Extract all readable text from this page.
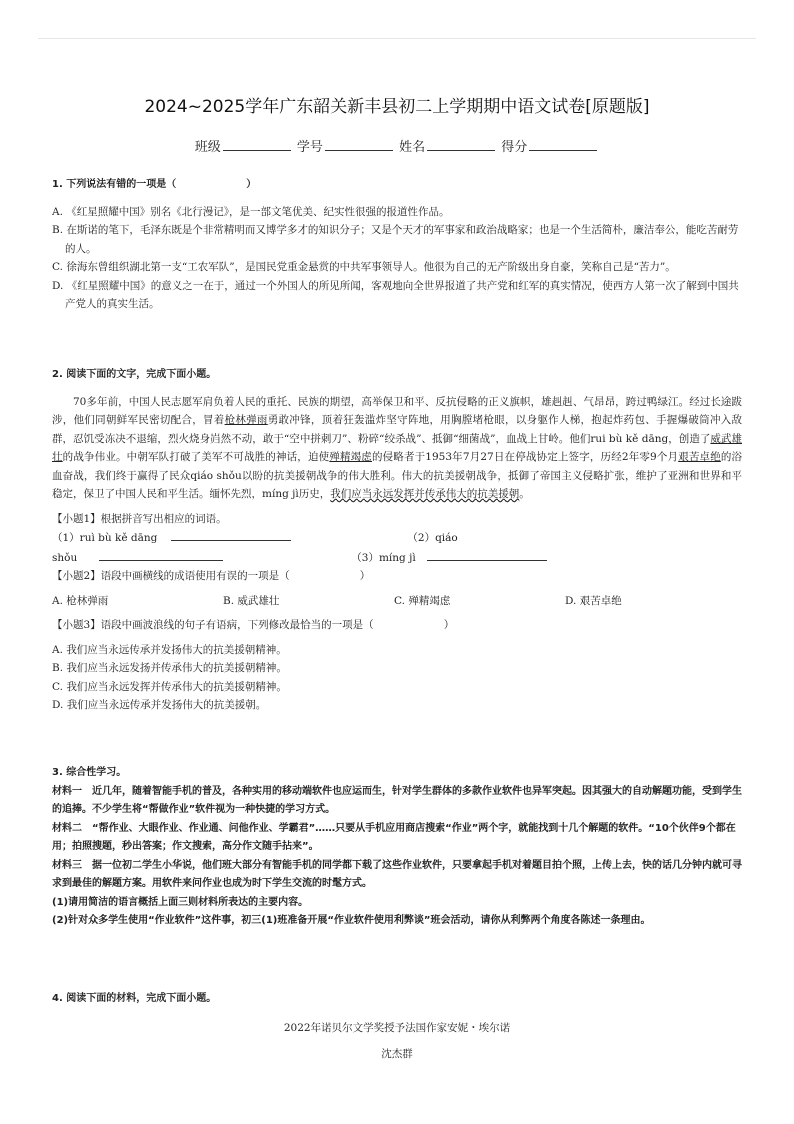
2024~2025学年广东韶关新丰县初二上学期期中语文试卷[原题版]
班级	学号	姓名	得分
1. 下列说法有错的一项是（	）
A. 《红星照耀中国》别名《北行漫记》，是一部文笔优美、纪实性很强的报道性作品。
B. 在斯诺的笔下，毛泽东既是个非常精明而又博学多才的知识分子；又是个天才的军事家和政治战略家；也是一个生活简朴，廉洁奉公，能吃苦耐劳的人。
C. 徐海东曾组织湖北第一支“工农军队”，是国民党重金悬赏的中共军事领导人。他很为自己的无产阶级出身自豪，笑称自己是“苦力”。
D. 《红星照耀中国》的意义之一在于，通过一个外国人的所见所闻，客观地向全世界报道了共产党和红军的真实情况，使西方人第一次了解到中国共产党人的真实生活。
2. 阅读下面的文字，完成下面小题。
70多年前，中国人民志愿军肩负着人民的重托、民族的期望，高举保卫和平、反抗侵略的正义旗帜，雄赳赳、气昂昂，跨过鸭绿江。经过长途跋涉，他们同朝鲜军民密切配合，冒着枪林弹雨勇敢冲锋，顶着狂轰滥炸坚守阵地，用胸膛堵枪眼，以身躯作人梯，抱起炸药包、手握爆破筒冲入敌群，忍饥受冻决不退缩，烈火烧身岿然不动，敢于“空中拼刺刀”、粉碎“绞杀战”、抵御“细菌战”，血战上甘岭。他们rui bù kě dāng，创造了威武雄壮的战争伟业。中朝军队打破了美军不可战胜的神话，迫使殚精竭虑的侵略者于1953年7月27日在停战协定上签字，历经2年零9个月艰苦卓绝的浴血奋战，我们终于赢得了民众qiáo shǒu以盼的抗美援朝战争的伟大胜利。伟大的抗美援朝战争，抵御了帝国主义侵略扩张，维护了亚洲和世界和平稳定，保卫了中国人民和平生活。缅怀先烈，míng jì历史，我们应当永远发挥并传承伟大的抗美援朝。
【小题1】根据拼音写出相应的词语。
（1）ruì bù kě dāng	（2）qiáo
shǒu	（3）míng jì
【小题2】语段中画横线的成语使用有误的一项是（	）
A. 枪林弹雨	B. 威武雄壮	C. 殚精竭虑	D. 艰苦卓绝
【小题3】语段中画波浪线的句子有语病，下列修改最恰当的一项是（	）
A. 我们应当永远传承并发扬伟大的抗美援朝精神。
B. 我们应当永远发扬并传承伟大的抗美援朝精神。
C. 我们应当永远发挥并传承伟大的抗美援朝精神。
D. 我们应当永远传承并发扬伟大的抗美援朝。
3. 综合性学习。
材料一　近几年，随着智能手机的普及，各种实用的移动端软件也应运而生，针对学生群体的多款作业软件也异军突起。因其强大的自动解题功能，受到学生的追捧。不少学生将“帮做作业”软件视为一种快捷的学习方式。
材料二　“帮作业、大眼作业、作业通、问他作业、学霸君”……只要从手机应用商店搜索“作业”两个字，就能找到十几个解题的软件。“10个伙伴9个都在用；拍照搜题，秒出答案；作文搜索，高分作文随手拈来”。
材料三　据一位初二学生小华说，他们班大部分有智能手机的同学都下载了这些作业软件，只要拿起手机对着题目拍个照，上传上去，快的话几分钟内就可寻求到最佳的解题方案。用软件来问作业也成为时下学生交流的时髦方式。
(1)请用简洁的语言概括上面三则材料所表达的主要内容。
(2)针对众多学生使用“作业软件”这件事，初三(1)班准备开展“作业软件使用利弊谈”班会活动，请你从利弊两个角度各陈述一条理由。
4. 阅读下面的材料，完成下面小题。
2022年诺贝尔文学奖授予法国作家安妮・埃尔诺
沈杰群
